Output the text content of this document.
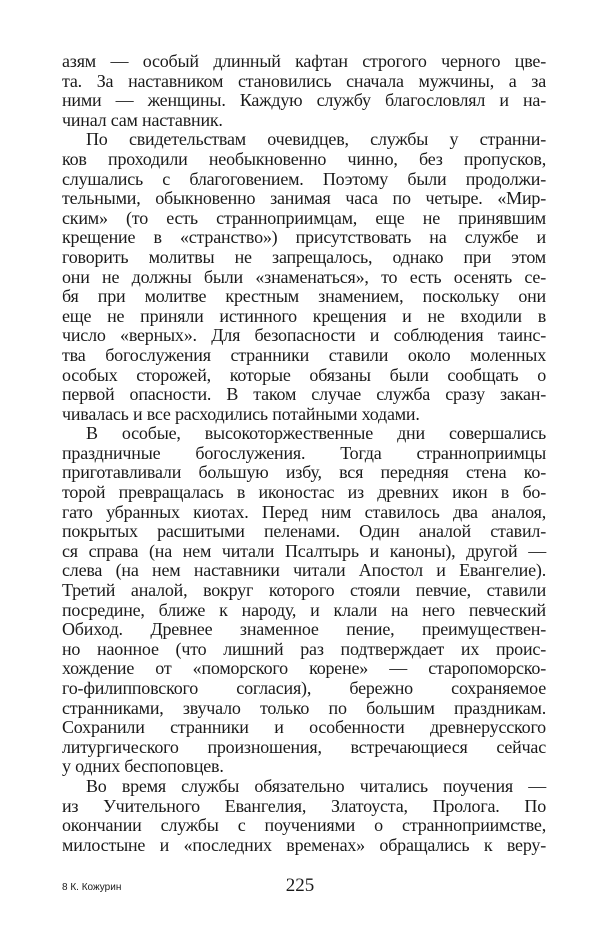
азям — особый длинный кафтан строгого черного цве-
та. За наставником становились сначала мужчины, а за
ними — женщины. Каждую службу благословлял и на-
чинал сам наставник.
По свидетельствам очевидцев, службы у странни-
ков проходили необыкновенно чинно, без пропусков,
слушались с благоговением. Поэтому были продолжи-
тельными, обыкновенно занимая часа по четыре. «Мир-
ским» (то есть странноприимцам, еще не принявшим
крещение в «странство») присутствовать на службе и
говорить молитвы не запрещалось, однако при этом
они не должны были «знаменаться», то есть осенять се-
бя при молитве крестным знамением, поскольку они
еще не приняли истинного крещения и не входили в
число «верных». Для безопасности и соблюдения таинс-
тва богослужения странники ставили около моленных
особых сторожей, которые обязаны были сообщать о
первой опасности. В таком случае служба сразу закан-
чивалась и все расходились потайными ходами.
В особые, высокоторжественные дни совершались
праздничные богослужения. Тогда странноприимцы
приготавливали большую избу, вся передняя стена ко-
торой превращалась в иконостас из древних икон в бо-
гато убранных киотах. Перед ним ставилось два аналоя,
покрытых расшитыми пеленами. Один аналой ставил-
ся справа (на нем читали Псалтырь и каноны), другой —
слева (на нем наставники читали Апостол и Евангелие).
Третий аналой, вокруг которого стояли певчие, ставили
посредине, ближе к народу, и клали на него певческий
Обиход. Древнее знаменное пение, преимуществен-
но наонное (что лишний раз подтверждает их проис-
хождение от «поморского корене» — старопоморско-
го-филипповского согласия), бережно сохраняемое
странниками, звучало только по большим праздникам.
Сохранили странники и особенности древнерусского
литургического произношения, встречающиеся сейчас
у одних беспоповцев.
Во время службы обязательно читались поучения —
из Учительного Евангелия, Златоуста, Пролога. По
окончании службы с поучениями о странноприимстве,
милостыне и «последних временах» обращались к веру-
8 К. Кожурин	225
